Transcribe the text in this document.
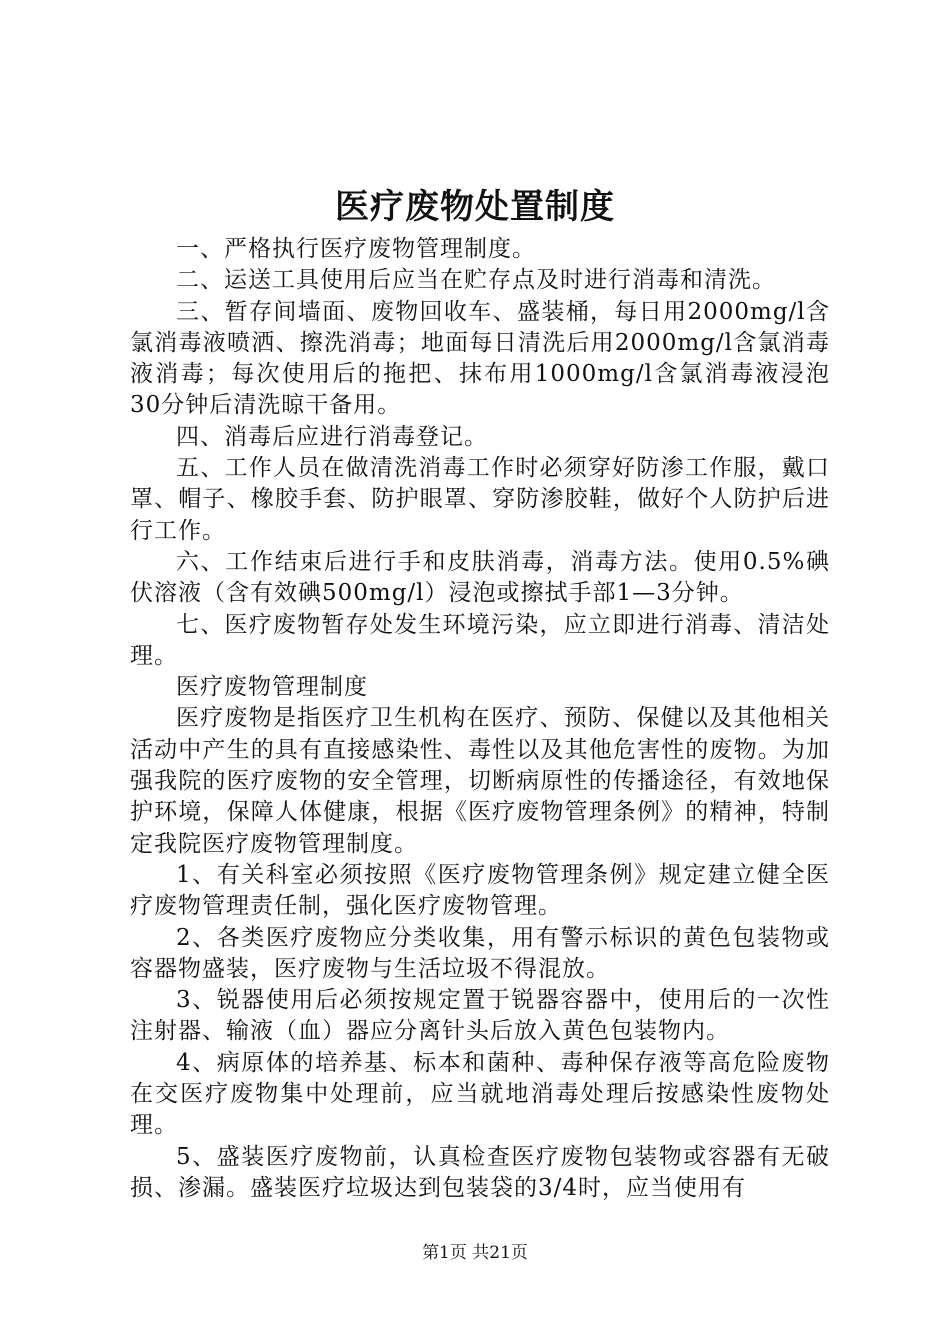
医疗废物处置制度

一、严格执行医疗废物管理制度。

二、运送工具使用后应当在贮存点及时进行消毒和清洗。

三、暂存间墙面、废物回收车、盛装桶，每日用2000mg/l含氯消毒液喷洒、擦洗消毒；地面每日清洗后用2000mg/l含氯消毒液消毒；每次使用后的拖把、抹布用1000mg/l含氯消毒液浸泡30分钟后清洗晾干备用。

四、消毒后应进行消毒登记。

五、工作人员在做清洗消毒工作时必须穿好防渗工作服，戴口罩、帽子、橡胶手套、防护眼罩、穿防渗胶鞋，做好个人防护后进行工作。

六、工作结束后进行手和皮肤消毒，消毒方法。使用0.5%碘伏溶液（含有效碘500mg/l）浸泡或擦拭手部1—3分钟。

七、医疗废物暂存处发生环境污染，应立即进行消毒、清洁处理。

医疗废物管理制度

医疗废物是指医疗卫生机构在医疗、预防、保健以及其他相关活动中产生的具有直接感染性、毒性以及其他危害性的废物。为加强我院的医疗废物的安全管理，切断病原性的传播途径，有效地保护环境，保障人体健康，根据《医疗废物管理条例》的精神，特制定我院医疗废物管理制度。

1、有关科室必须按照《医疗废物管理条例》规定建立健全医疗废物管理责任制，强化医疗废物管理。

2、各类医疗废物应分类收集，用有警示标识的黄色包装物或容器物盛装，医疗废物与生活垃圾不得混放。

3、锐器使用后必须按规定置于锐器容器中，使用后的一次性注射器、输液（血）器应分离针头后放入黄色包装物内。

4、病原体的培养基、标本和菌种、毒种保存液等高危险废物在交医疗废物集中处理前，应当就地消毒处理后按感染性废物处理。

5、盛装医疗废物前，认真检查医疗废物包装物或容器有无破损、渗漏。盛装医疗垃圾达到包装袋的3/4时，应当使用有

第1页 共21页
